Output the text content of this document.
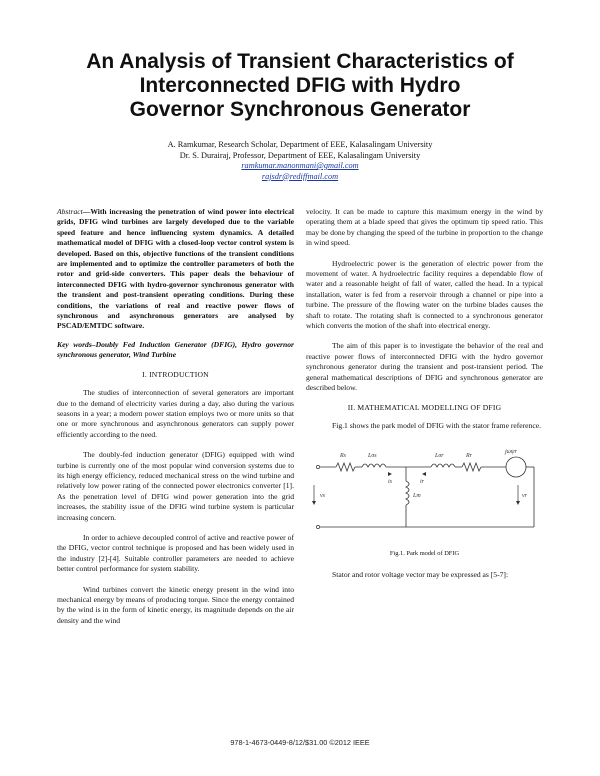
An Analysis of Transient Characteristics of
Interconnected DFIG with Hydro
Governor Synchronous Generator
A. Ramkumar, Research Scholar, Department of EEE, Kalasalingam University
Dr. S. Durairaj, Professor, Department of EEE, Kalasalingam University
ramkumar.manonmani@gmail.com
rajsdr@rediffmail.com

Abstract—With increasing the penetration of wind power into electrical grids, DFIG wind turbines are largely developed due to the variable speed feature and hence influencing system dynamics. A detailed mathematical model of DFIG with a closed-loop vector control system is developed. Based on this, objective functions of the transient conditions are implemented and to optimize the controller parameters of both the rotor and grid-side converters. This paper deals the behaviour of interconnected DFIG with hydro-governor synchronous generator with the transient and post-transient operating conditions. During these conditions, the variations of real and reactive power flows of synchronous and asynchronous generators are analysed by PSCAD/EMTDC software.

Key words–Doubly Fed Induction Generator (DFIG), Hydro governor synchronous generator, Wind Turbine

I. INTRODUCTION

The studies of interconnection of several generators are important due to the demand of electricity varies during a day, also during the various seasons in a year; a modern power station employs two or more units so that one or more synchronous and asynchronous generators can supply power efficiently according to the need.

The doubly-fed induction generator (DFIG) equipped with wind turbine is currently one of the most popular wind conversion systems due to its high energy efficiency, reduced mechanical stress on the wind turbine and relatively low power rating of the connected power electronics converter [1]. As the penetration level of DFIG wind power generation into the grid increases, the stability issue of the DFIG wind turbine system is particular increasing concern.

In order to achieve decoupled control of active and reactive power of the DFIG, vector control technique is proposed and has been widely used in the industry [2]-[4]. Suitable controller parameters are needed to achieve better control performance for system stability.

Wind turbines convert the kinetic energy present in the wind into mechanical energy by means of producing torque. Since the energy contained by the wind is in the form of kinetic energy, its magnitude depends on the air density and the wind

velocity. It can be made to capture this maximum energy in the wind by operating them at a blade speed that gives the optimum tip speed ratio. This may be done by changing the speed of the turbine in proportion to the change in wind speed.

Hydroelectric power is the generation of electric power from the movement of water. A hydroelectric facility requires a dependable flow of water and a reasonable height of fall of water, called the head. In a typical installation, water is fed from a reservoir through a channel or pipe into a turbine. The pressure of the flowing water on the turbine blades causes the shaft to rotate. The rotating shaft is connected to a synchronous generator which converts the motion of the shaft into electrical energy.

The aim of this paper is to investigate the behavior of the real and reactive power flows of interconnected DFIG with the hydro governor synchronous generator during the transient and post-transient period. The general mathematical descriptions of DFIG and synchronous generator are described below.

II. MATHEMATICAL MODELLING OF DFIG

Fig.1 shows the park model of DFIG with the stator frame reference.

Rs	Lσs	Lσr	Rr
is
vs	Lm
ir
vr
jωψr
Fig.1. Park model of DFIG

Stator and rotor voltage vector may be expressed as [5-7]:

978-1-4673-0449-8/12/$31.00 ©2012 IEEE
